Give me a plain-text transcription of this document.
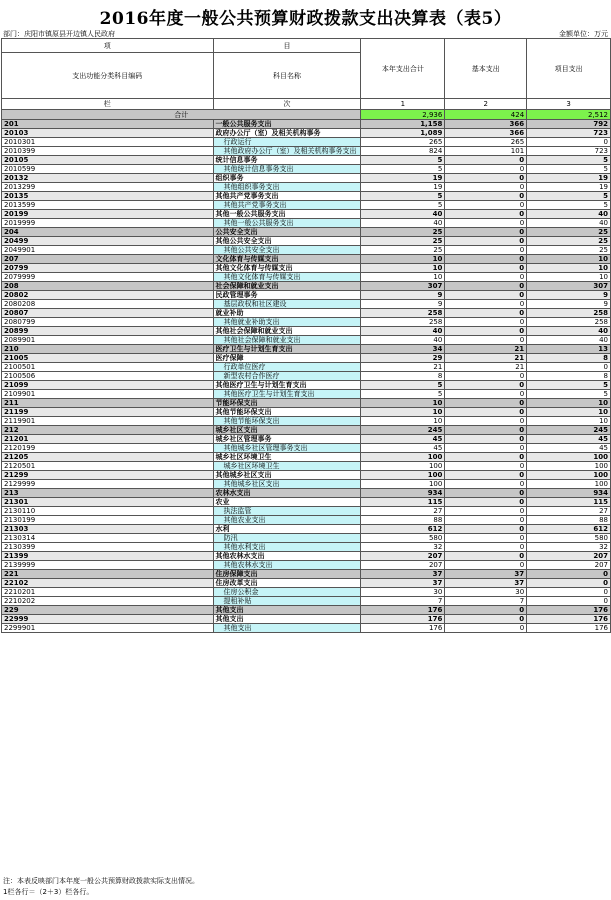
2016年度一般公共预算财政拨款支出决算表（表5）
部门：庆阳市镇原县开边镇人民政府	金额单位：万元
项	目	本年支出合计	基本支出	项目支出
支出功能分类科目编码	科目名称			
栏	次	1	2	3
合计		2,936	424	2,512
201	一般公共服务支出	1,158	366	792
20103	政府办公厅（室）及相关机构事务	1,089	366	723
2010301	行政运行	265	265	0
2010399	其他政府办公厅（室）及相关机构事务支出	824	101	723
20105	统计信息事务	5	0	5
2010599	其他统计信息事务支出	5	0	5
20132	组织事务	19	0	19
2013299	其他组织事务支出	19	0	19
20135	其他共产党事务支出	5	0	5
2013599	其他共产党事务支出	5	0	5
20199	其他一般公共服务支出	40	0	40
2019999	其他一般公共服务支出	40	0	40
204	公共安全支出	25	0	25
20499	其他公共安全支出	25	0	25
2049901	其他公共安全支出	25	0	25
207	文化体育与传媒支出	10	0	10
20799	其他文化体育与传媒支出	10	0	10
2079999	其他文化体育与传媒支出	10	0	10
208	社会保障和就业支出	307	0	307
20802	民政管理事务	9	0	9
2080208	基层政权和社区建设	9	0	9
20807	就业补助	258	0	258
2080799	其他就业补助支出	258	0	258
20899	其他社会保障和就业支出	40	0	40
2089901	其他社会保障和就业支出	40	0	40
210	医疗卫生与计划生育支出	34	21	13
21005	医疗保障	29	21	8
2100501	行政单位医疗	21	21	0
2100506	新型农村合作医疗	8	0	8
21099	其他医疗卫生与计划生育支出	5	0	5
2109901	其他医疗卫生与计划生育支出	5	0	5
211	节能环保支出	10	0	10
21199	其他节能环保支出	10	0	10
2119901	其他节能环保支出	10	0	10
212	城乡社区支出	245	0	245
21201	城乡社区管理事务	45	0	45
2120199	其他城乡社区管理事务支出	45	0	45
21205	城乡社区环境卫生	100	0	100
2120501	城乡社区环境卫生	100	0	100
21299	其他城乡社区支出	100	0	100
2129999	其他城乡社区支出	100	0	100
213	农林水支出	934	0	934
21301	农业	115	0	115
2130110	执法监管	27	0	27
2130199	其他农业支出	88	0	88
21303	水利	612	0	612
2130314	防汛	580	0	580
2130399	其他水利支出	32	0	32
21399	其他农林水支出	207	0	207
2139999	其他农林水支出	207	0	207
221	住房保障支出	37	37	0
22102	住房改革支出	37	37	0
2210201	住房公积金	30	30	0
2210202	提租补贴	7	7	0
229	其他支出	176	0	176
22999	其他支出	176	0	176
2299901	其他支出	176	0	176
注：本表反映部门本年度一般公共预算财政拨款实际支出情况。
1栏各行＝（2＋3）栏各行。
